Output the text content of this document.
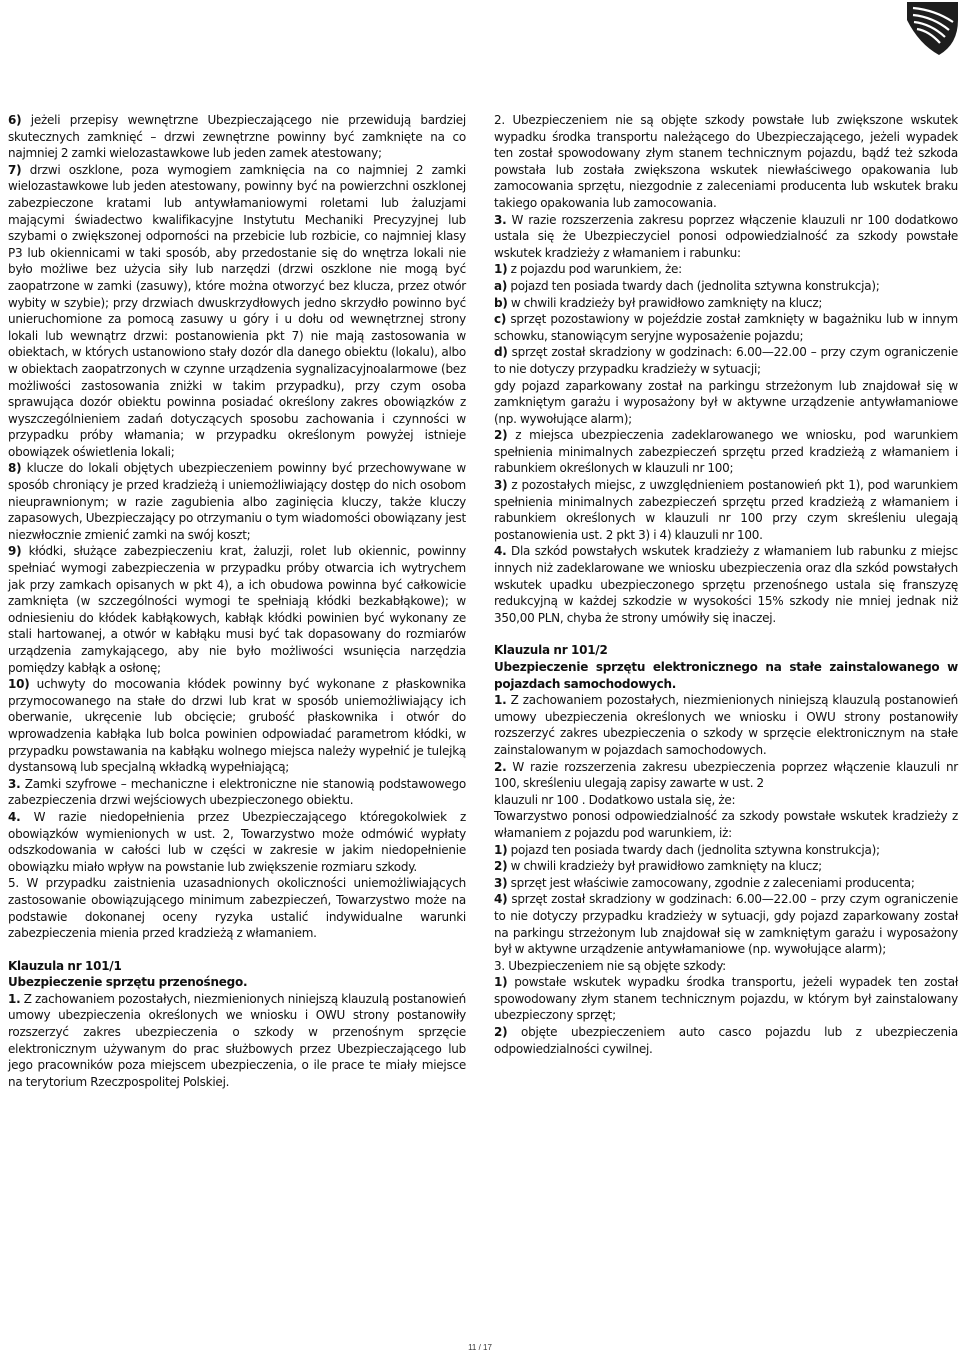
6) jeżeli przepisy wewnętrzne Ubezpieczającego nie przewidują bardziej skutecznych zamknięć – drzwi zewnętrzne powinny być zamknięte na co najmniej 2 zamki wielozastawkowe lub jeden zamek atestowany;

7) drzwi oszklone, poza wymogiem zamknięcia na co najmniej 2 zamki wielozastawkowe lub jeden atestowany, powinny być na powierzchni oszklonej zabezpieczone kratami lub antywłamaniowymi roletami lub żaluzjami mającymi świadectwo kwalifikacyjne Instytutu Mechaniki Precyzyjnej lub szybami o zwiększonej odporności na przebicie lub rozbicie, co najmniej klasy P3 lub okiennicami w taki sposób, aby przedostanie się do wnętrza lokali nie było możliwe bez użycia siły lub narzędzi (drzwi oszklone nie mogą być zaopatrzone w zamki (zasuwy), które można otworzyć bez klucza, przez otwór wybity w szybie); przy drzwiach dwuskrzydłowych jedno skrzydło powinno być unieruchomione za pomocą zasuwy u góry i u dołu od wewnętrznej strony lokali lub wewnątrz drzwi: postanowienia pkt 7) nie mają zastosowania w obiektach, w których ustanowiono stały dozór dla danego obiektu (lokalu), albo w obiektach zaopatrzonych w czynne urządzenia sygnalizacyjnoalarmowe (bez możliwości zastosowania zniżki w takim przypadku), przy czym osoba sprawująca dozór obiektu powinna posiadać określony zakres obowiązków z wyszczególnieniem zadań dotyczących sposobu zachowania i czynności w przypadku próby włamania; w przypadku określonym powyżej istnieje obowiązek oświetlenia lokali;

8) klucze do lokali objętych ubezpieczeniem powinny być przechowywane w sposób chroniący je przed kradzieżą i uniemożliwiający dostęp do nich osobom nieuprawnionym; w razie zagubienia albo zaginięcia kluczy, także kluczy zapasowych, Ubezpieczający po otrzymaniu o tym wiadomości obowiązany jest niezwłocznie zmienić zamki na swój koszt;

9) kłódki, służące zabezpieczeniu krat, żaluzji, rolet lub okiennic, powinny spełniać wymogi zabezpieczenia w przypadku próby otwarcia ich wytrychem jak przy zamkach opisanych w pkt 4), a ich obudowa powinna być całkowicie zamknięta (w szczególności wymogi te spełniają kłódki bezkabłąkowe); w odniesieniu do kłódek kabłąkowych, kabłąk kłódki powinien być wykonany ze stali hartowanej, a otwór w kabłąku musi być tak dopasowany do rozmiarów urządzenia zamykającego, aby nie było możliwości wsunięcia narzędzia pomiędzy kabłąk a osłonę;

10) uchwyty do mocowania kłódek powinny być wykonane z płaskownika przymocowanego na stałe do drzwi lub krat w sposób uniemożliwiający ich oberwanie, ukręcenie lub obcięcie; grubość płaskownika i otwór do wprowadzenia kabłąka lub bolca powinien odpowiadać parametrom kłódki, w przypadku powstawania na kabłąku wolnego miejsca należy wypełnić je tulejką dystansową lub specjalną wkładką wypełniającą;

3. Zamki szyfrowe – mechaniczne i elektroniczne nie stanowią podstawowego zabezpieczenia drzwi wejściowych ubezpieczonego obiektu.

4. W razie niedopełnienia przez Ubezpieczającego któregokolwiek z obowiązków wymienionych w ust. 2, Towarzystwo może odmówić wypłaty odszkodowania w całości lub w części w zakresie w jakim niedopełnienie obowiązku miało wpływ na powstanie lub zwiększenie rozmiaru szkody.

5. W przypadku zaistnienia uzasadnionych okoliczności uniemożliwiających zastosowanie obowiązującego minimum zabezpieczeń, Towarzystwo może na podstawie dokonanej oceny ryzyka ustalić indywidualne warunki zabezpieczenia mienia przed kradzieżą z włamaniem.

Klauzula nr 101/1

Ubezpieczenie sprzętu przenośnego.

1. Z zachowaniem pozostałych, niezmienionych niniejszą klauzulą postanowień umowy ubezpieczenia określonych we wniosku i OWU strony postanowiły rozszerzyć zakres ubezpieczenia o szkody w przenośnym sprzęcie elektronicznym używanym do prac służbowych przez Ubezpieczającego lub jego pracowników poza miejscem ubezpieczenia, o ile prace te miały miejsce na terytorium Rzeczpospolitej Polskiej.

2. Ubezpieczeniem nie są objęte szkody powstałe lub zwiększone wskutek wypadku środka transportu należącego do Ubezpieczającego, jeżeli wypadek ten został spowodowany złym stanem technicznym pojazdu, bądź też szkoda powstała lub została zwiększona wskutek niewłaściwego opakowania lub zamocowania sprzętu, niezgodnie z zaleceniami producenta lub wskutek braku takiego opakowania lub zamocowania.

3. W razie rozszerzenia zakresu poprzez włączenie klauzuli nr 100 dodatkowo ustala się że Ubezpieczyciel ponosi odpowiedzialność za szkody powstałe wskutek kradzieży z włamaniem i rabunku:

1) z pojazdu pod warunkiem, że:

a) pojazd ten posiada twardy dach (jednolita sztywna konstrukcja);

b) w chwili kradzieży był prawidłowo zamknięty na klucz;

c) sprzęt pozostawiony w pojeździe został zamknięty w bagażniku lub w innym schowku, stanowiącym seryjne wyposażenie pojazdu;

d) sprzęt został skradziony w godzinach: 6.00—22.00 – przy czym ograniczenie to nie dotyczy przypadku kradzieży w sytuacji;

gdy pojazd zaparkowany został na parkingu strzeżonym lub znajdował się w zamkniętym garażu i wyposażony był w aktywne urządzenie antywłamaniowe (np. wywołujące alarm);

2) z miejsca ubezpieczenia zadeklarowanego we wniosku, pod warunkiem spełnienia minimalnych zabezpieczeń sprzętu przed kradzieżą z włamaniem i rabunkiem określonych w klauzuli nr 100;

3) z pozostałych miejsc, z uwzględnieniem postanowień pkt 1), pod warunkiem spełnienia minimalnych zabezpieczeń sprzętu przed kradzieżą z włamaniem i rabunkiem określonych w klauzuli nr 100 przy czym skreśleniu ulegają postanowienia ust. 2 pkt 3) i 4) klauzuli nr 100.

4. Dla szkód powstałych wskutek kradzieży z włamaniem lub rabunku z miejsc innych niż zadeklarowane we wniosku ubezpieczenia oraz dla szkód powstałych wskutek upadku ubezpieczonego sprzętu przenośnego ustala się franszyzę redukcyjną w każdej szkodzie w wysokości 15% szkody nie mniej jednak niż 350,00 PLN, chyba że strony umówiły się inaczej.

Klauzula nr 101/2

Ubezpieczenie sprzętu elektronicznego na stałe zainstalowanego w pojazdach samochodowych.

1. Z zachowaniem pozostałych, niezmienionych niniejszą klauzulą postanowień umowy ubezpieczenia określonych we wniosku i OWU strony postanowiły rozszerzyć zakres ubezpieczenia o szkody w sprzęcie elektronicznym na stałe zainstalowanym w pojazdach samochodowych.

2. W razie rozszerzenia zakresu ubezpieczenia poprzez włączenie klauzuli nr 100, skreśleniu ulegają zapisy zawarte w ust. 2

klauzuli nr 100 . Dodatkowo ustala się, że:

Towarzystwo ponosi odpowiedzialność za szkody powstałe wskutek kradzieży z włamaniem z pojazdu pod warunkiem, iż:

1) pojazd ten posiada twardy dach (jednolita sztywna konstrukcja);

2) w chwili kradzieży był prawidłowo zamknięty na klucz;

3) sprzęt jest właściwie zamocowany, zgodnie z zaleceniami producenta;

4) sprzęt został skradziony w godzinach: 6.00—22.00 – przy czym ograniczenie to nie dotyczy przypadku kradzieży w sytuacji, gdy pojazd zaparkowany został na parkingu strzeżonym lub znajdował się w zamkniętym garażu i wyposażony był w aktywne urządzenie antywłamaniowe (np. wywołujące alarm);

3. Ubezpieczeniem nie są objęte szkody:

1) powstałe wskutek wypadku środka transportu, jeżeli wypadek ten został spowodowany złym stanem technicznym pojazdu, w którym był zainstalowany ubezpieczony sprzęt;

2) objęte ubezpieczeniem auto casco pojazdu lub z ubezpieczenia odpowiedzialności cywilnej.

11 / 17
